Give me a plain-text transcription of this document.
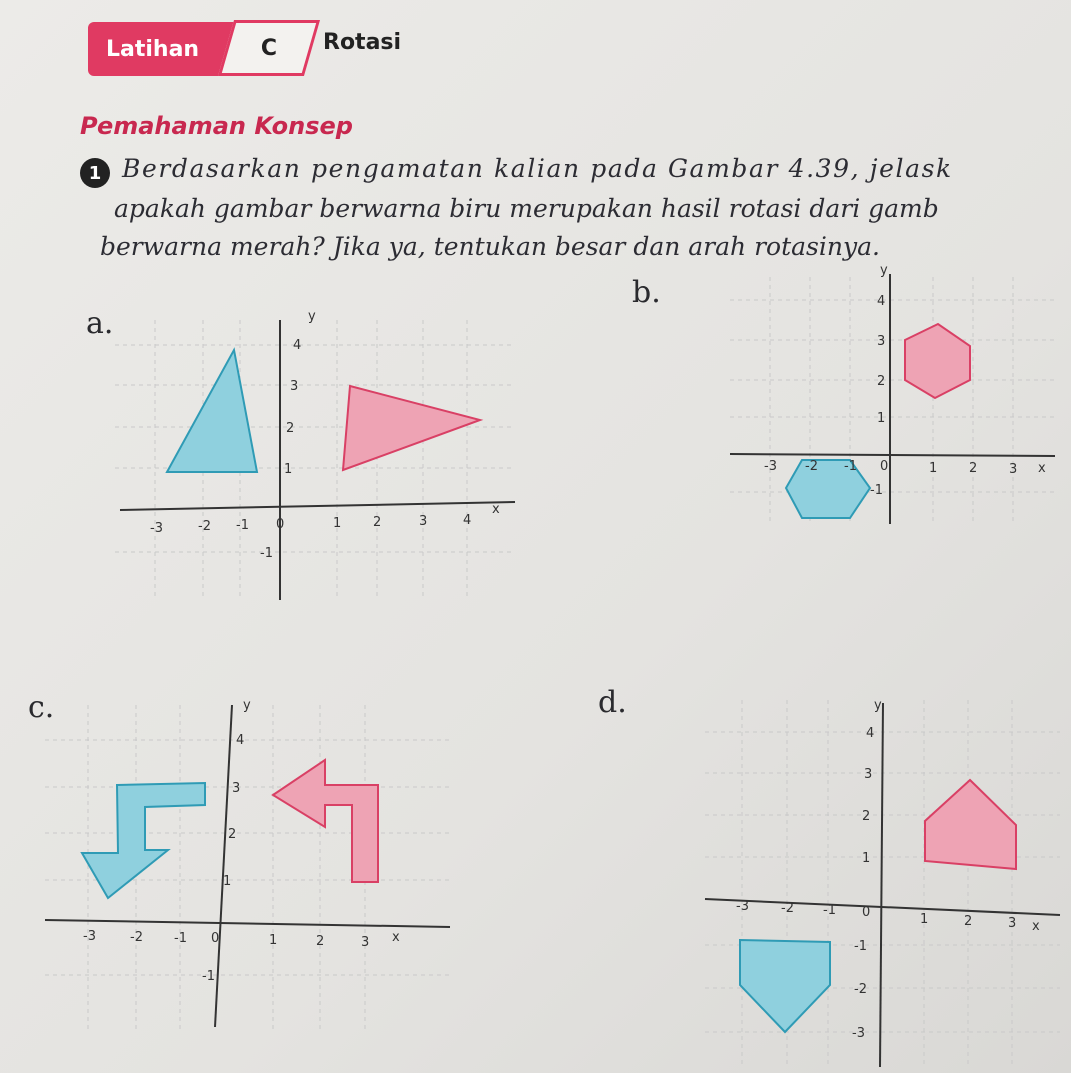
Latihan	C Rotasi
Pemahaman Konsep
1 Berdasarkan pengamatan kalian pada Gambar 4.39, jelask
apakah gambar berwarna biru merupakan hasil rotasi dari gamb
berwarna merah? Jika ya, tentukan besar dan arah rotasinya.
a.	y
x
-3	-2 -1 0	1 2	3	4
4
3
2
1
-1
b.
y
x
-3 -2 -1 0	1 2 3
4
3
2
1
-1
c.	y
x
-3	-2 -1 0	1	2	3
4
3
2
1
-1
d.	y
x
-3 -2 -1 0	1	2	3
4
3
2
1
-1
-2
-3
